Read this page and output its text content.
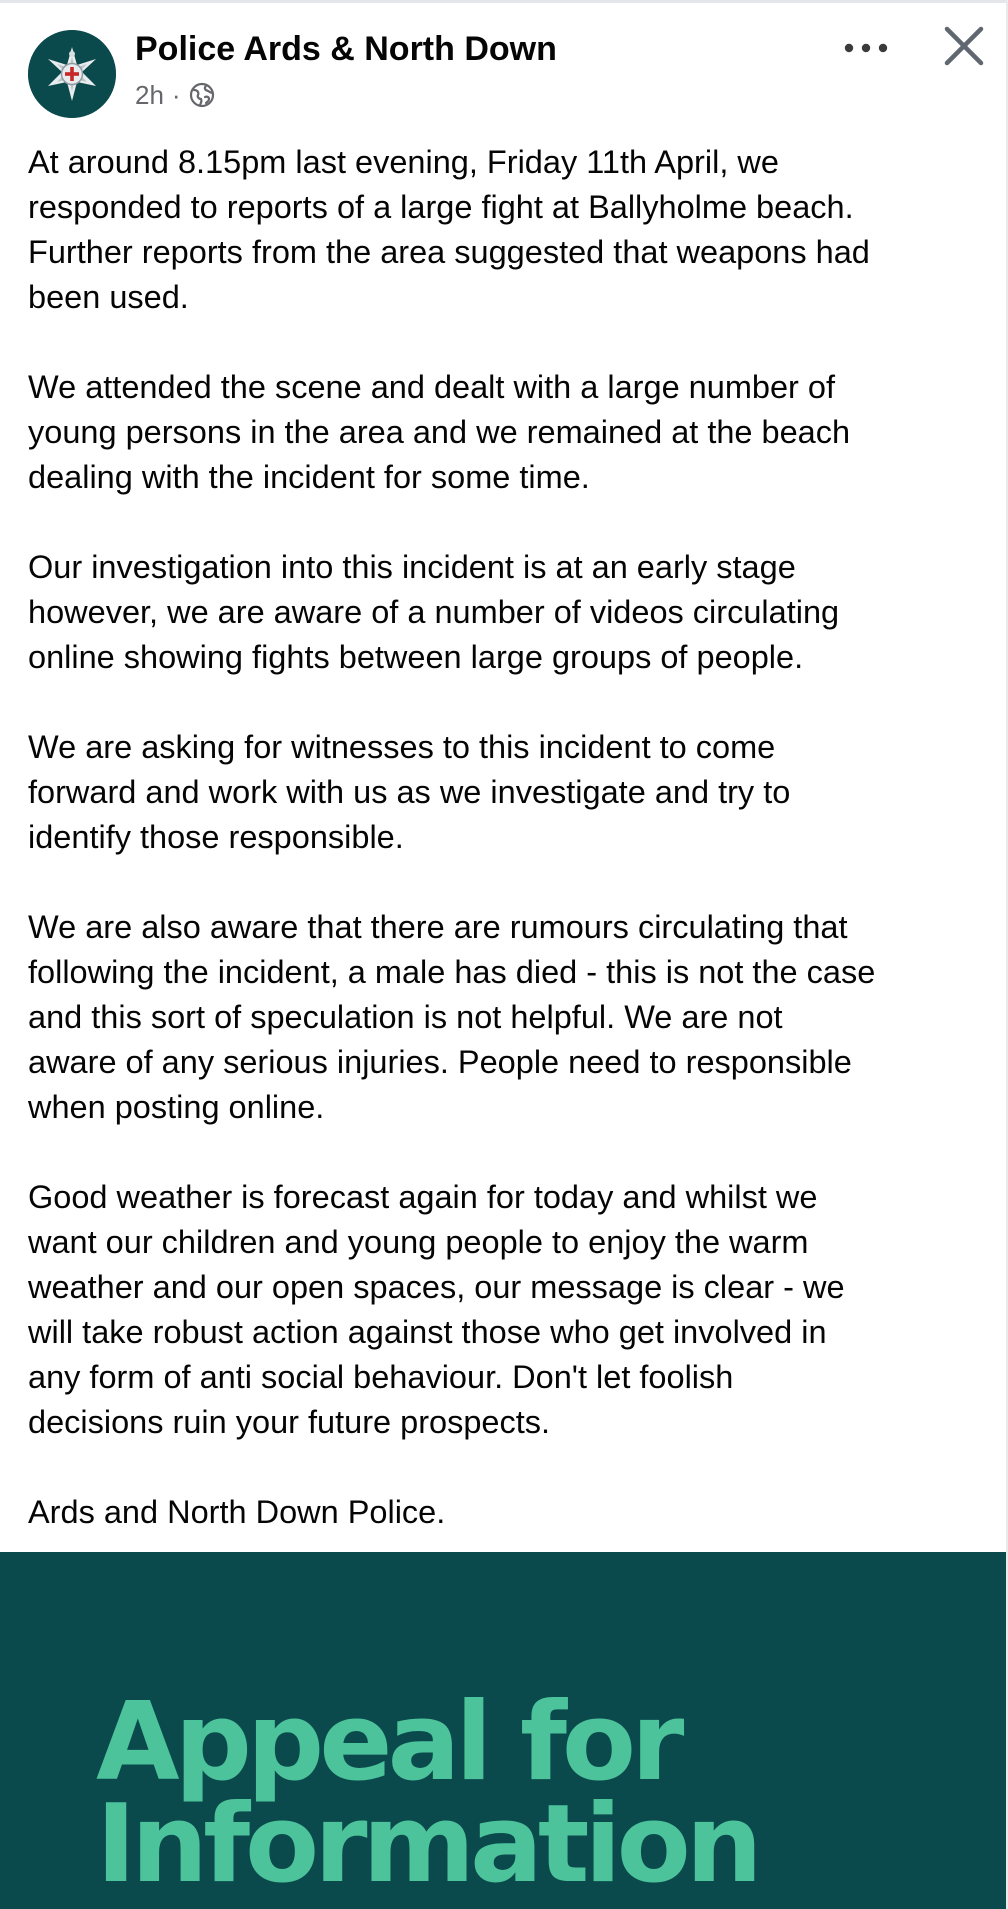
Police Ards & North Down
2h ·

At around 8.15pm last evening, Friday 11th April, we
responded to reports of a large fight at Ballyholme beach.
Further reports from the area suggested that weapons had
been used.

We attended the scene and dealt with a large number of
young persons in the area and we remained at the beach
dealing with the incident for some time.

Our investigation into this incident is at an early stage
however, we are aware of a number of videos circulating
online showing fights between large groups of people.

We are asking for witnesses to this incident to come
forward and work with us as we investigate and try to
identify those responsible.

We are also aware that there are rumours circulating that
following the incident, a male has died - this is not the case
and this sort of speculation is not helpful. We are not
aware of any serious injuries. People need to responsible
when posting online.

Good weather is forecast again for today and whilst we
want our children and young people to enjoy the warm
weather and our open spaces, our message is clear - we
will take robust action against those who get involved in
any form of anti social behaviour. Don't let foolish
decisions ruin your future prospects.

Ards and North Down Police.

Appeal for
Information
